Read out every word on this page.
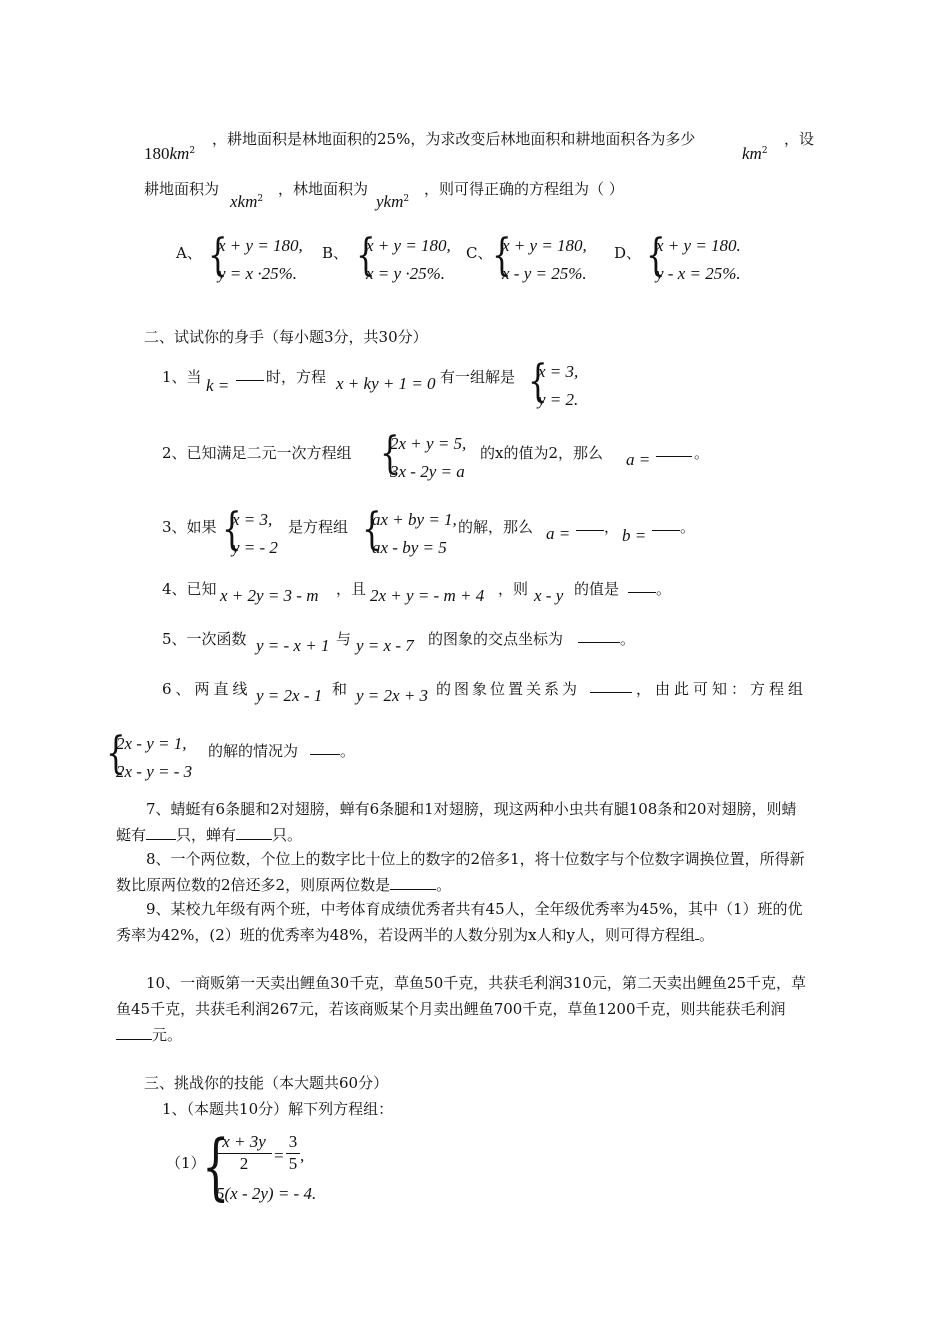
$180km^2$
，耕地面积是林地面积的25%，为求改变后林地面积和耕地面积各为多少
$km^2$
，设
耕地面积为
xkm$^2$
，林地面积为
ykm$^2$
，则可得正确的方程组为（ ）
A、 {
x + y = 180,
y = x ·25%.
B、 {
x + y = 180,
x = y ·25%.
C、 {
x + y = 180,
x - y = 25%.
D、 {
x + y = 180.
y - x = 25%.
二、试试你的身手（每小题3分，共30分）
1、当 k = 时，方程 x + ky + 1 = 0 有一组解是 {
x = 3,
y = 2.
2、已知满足二元一次方程组 {
2x + y = 5,
3x - 2y = a
的x的值为2，那么 a =	。
3、如果 {
x = 3,
y = - 2
是方程组 {
ax + by = 1,
ax - by = 5
的解，那么 a = ， b = 。
4、已知 x + 2y = 3 - m ，且 2x + y = - m + 4 ，则 x - y 的值是 。
5、一次函数 y = - x + 1 与 y = x - 7 的图象的交点坐标为	。
6、两直线 y = 2x - 1 和 y = 2x + 3 的图象位置关系为	，由此可知：方程组
{
2x - y = 1,
2x - y = - 3
的解的情况为	。
7、蜻蜓有6条腿和2对翅膀，蝉有6条腿和1对翅膀，现这两种小虫共有腿108条和20对翅膀，则蜻蜓有 只，蝉有 只。
8、一个两位数，个位上的数字比十位上的数字的2倍多1，将十位数字与个位数字调换位置，所得新数比原两位数的2倍还多2，则原两位数是	。
9、某校九年级有两个班，中考体育成绩优秀者共有45人，全年级优秀率为45%，其中（1）班的优秀率为42%，(2）班的优秀率为48%，若设两半的人数分别为x人和y人，则可得方程组 。
10、一商贩第一天卖出鲤鱼30千克，草鱼50千克，共获毛利润310元，第二天卖出鲤鱼25千克，草鱼45千克，共获毛利润267元，若该商贩某个月卖出鲤鱼700千克，草鱼1200千克，则共能获毛利润元。
三、挑战你的技能（本大题共60分）
1、（本题共10分）解下列方程组：
（1）
{
$\frac{x + 3y}{2} = \frac{3}{5}$ ,
5(x - 2y) = - 4.
